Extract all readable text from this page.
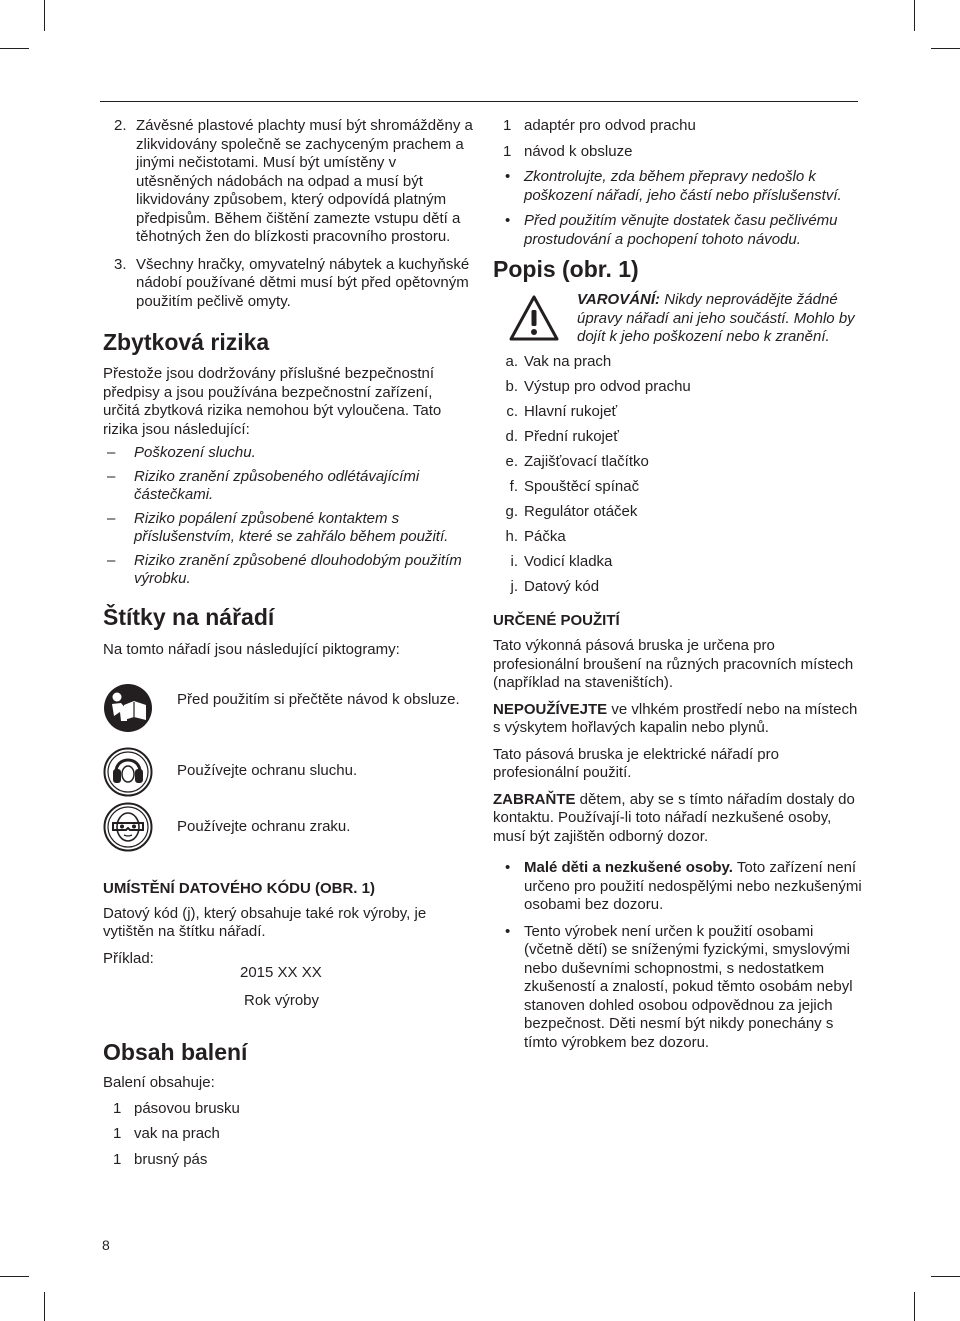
2. Závěsné plastové plachty musí být shromážděny a zlikvidovány společně se zachyceným prachem a jinými nečistotami. Musí být umístěny v utěsněných nádobách na odpad a musí být likvidovány způsobem, který odpovídá platným předpisům. Během čištění zamezte vstupu dětí a těhotných žen do blízkosti pracovního prostoru.

3. Všechny hračky, omyvatelný nábytek a kuchyňské nádobí používané dětmi musí být před opětovným použitím pečlivě omyty.

Zbytková rizika

Přestože jsou dodržovány příslušné bezpečnostní předpisy a jsou používána bezpečnostní zařízení, určitá zbytková rizika nemohou být vyloučena. Tato rizika jsou následující:

– Poškození sluchu.

– Riziko zranění způsobeného odlétávajícími částečkami.

– Riziko popálení způsobené kontaktem s příslušenstvím, které se zahřálo během použití.

– Riziko zranění způsobené dlouhodobým použitím výrobku.

Štítky na nářadí

Na tomto nářadí jsou následující piktogramy:

Před použitím si přečtěte návod k obsluze.

Používejte ochranu sluchu.

Používejte ochranu zraku.

UMÍSTĚNÍ DATOVÉHO KÓDU (OBR. 1)

Datový kód (j), který obsahuje také rok výroby, je vytištěn na štítku nářadí.

Příklad:

2015 XX XX

Rok výroby

Obsah balení

Balení obsahuje:

1 pásovou brusku
1 vak na prach
1 brusný pás
1 adaptér pro odvod prachu
1 návod k obsluze

• Zkontrolujte, zda během přepravy nedošlo k poškození nářadí, jeho částí nebo příslušenství.

• Před použitím věnujte dostatek času pečlivému prostudování a pochopení tohoto návodu.

Popis (obr. 1)

VAROVÁNÍ: Nikdy neprovádějte žádné úpravy nářadí ani jeho součástí. Mohlo by dojít k jeho poškození nebo k zranění.

a. Vak na prach
b. Výstup pro odvod prachu
c. Hlavní rukojeť
d. Přední rukojeť
e. Zajišťovací tlačítko
f. Spouštěcí spínač
g. Regulátor otáček
h. Páčka
i. Vodicí kladka
j. Datový kód
URČENÉ POUŽITÍ

Tato výkonná pásová bruska je určena pro profesionální broušení na různých pracovních místech (například na staveništích).

NEPOUŽÍVEJTE ve vlhkém prostředí nebo na místech s výskytem hořlavých kapalin nebo plynů.

Tato pásová bruska je elektrické nářadí pro profesionální použití.

ZABRAŇTE dětem, aby se s tímto nářadím dostaly do kontaktu. Používají-li toto nářadí nezkušené osoby, musí být zajištěn odborný dozor.

• Malé děti a nezkušené osoby. Toto zařízení není určeno pro použití nedospělými nebo nezkušenými osobami bez dozoru.

• Tento výrobek není určen k použití osobami (včetně dětí) se sníženými fyzickými, smyslovými nebo duševními schopnostmi, s nedostatkem zkušeností a znalostí, pokud těmto osobám nebyl stanoven dohled osobou odpovědnou za jejich bezpečnost. Děti nesmí být nikdy ponechány s tímto výrobkem bez dozoru.

8
